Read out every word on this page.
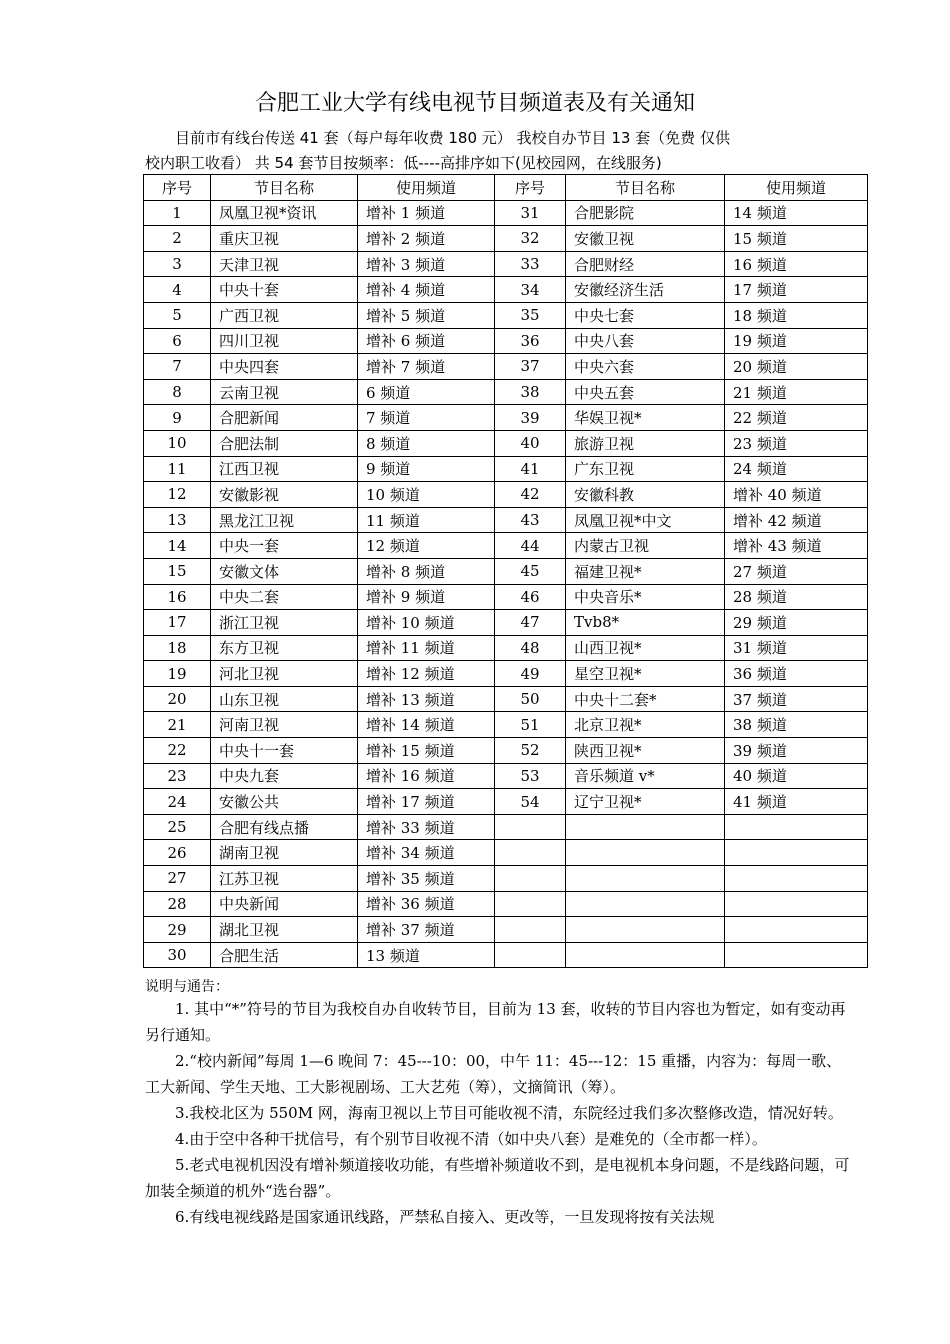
合肥工业大学有线电视节目频道表及有关通知
目前市有线台传送 41 套（每户每年收费 180 元） 我校自办节目 13 套（免费 仅供
校内职工收看） 共 54 套节目按频率：低----高排序如下(见校园网，在线服务)
序号	节目名称	使用频道	序号	节目名称	使用频道
1	凤凰卫视*资讯	增补 1 频道	31	合肥影院	14 频道
2	重庆卫视	增补 2 频道	32	安徽卫视	15 频道
3	天津卫视	增补 3 频道	33	合肥财经	16 频道
4	中央十套	增补 4 频道	34	安徽经济生活	17 频道
5	广西卫视	增补 5 频道	35	中央七套	18 频道
6	四川卫视	增补 6 频道	36	中央八套	19 频道
7	中央四套	增补 7 频道	37	中央六套	20 频道
8	云南卫视	6 频道	38	中央五套	21 频道
9	合肥新闻	7 频道	39	华娱卫视*	22 频道
10	合肥法制	8 频道	40	旅游卫视	23 频道
11	江西卫视	9 频道	41	广东卫视	24 频道
12	安徽影视	10 频道	42	安徽科教	增补 40 频道
13	黑龙江卫视	11 频道	43	凤凰卫视*中文	增补 42 频道
14	中央一套	12 频道	44	内蒙古卫视	增补 43 频道
15	安徽文体	增补 8 频道	45	福建卫视*	27 频道
16	中央二套	增补 9 频道	46	中央音乐*	28 频道
17	浙江卫视	增补 10 频道	47	Tvb8*	29 频道
18	东方卫视	增补 11 频道	48	山西卫视*	31 频道
19	河北卫视	增补 12 频道	49	星空卫视*	36 频道
20	山东卫视	增补 13 频道	50	中央十二套*	37 频道
21	河南卫视	增补 14 频道	51	北京卫视*	38 频道
22	中央十一套	增补 15 频道	52	陕西卫视*	39 频道
23	中央九套	增补 16 频道	53	音乐频道 v*	40 频道
24	安徽公共	增补 17 频道	54	辽宁卫视*	41 频道
25	合肥有线点播	增补 33 频道			
26	湖南卫视	增补 34 频道			
27	江苏卫视	增补 35 频道			
28	中央新闻	增补 36 频道			
29	湖北卫视	增补 37 频道			
30	合肥生活	13 频道			
说明与通告：

1. 其中“*”符号的节目为我校自办自收转节目，目前为 13 套，收转的节目内容也为暂定，如有变动再另行通知。

2.“校内新闻”每周 1—6 晚间 7：45---10：00，中午 11：45---12：15 重播，内容为：每周一歌、工大新闻、学生天地、工大影视剧场、工大艺苑（筹），文摘简讯（筹）。

3.我校北区为 550M 网，海南卫视以上节目可能收视不清，东院经过我们多次整修改造，情况好转。

4.由于空中各种干扰信号，有个别节目收视不清（如中央八套）是难免的（全市都一样）。

5.老式电视机因没有增补频道接收功能，有些增补频道收不到，是电视机本身问题，不是线路问题，可加装全频道的机外“选台器”。

6.有线电视线路是国家通讯线路，严禁私自接入、更改等，一旦发现将按有关法规
